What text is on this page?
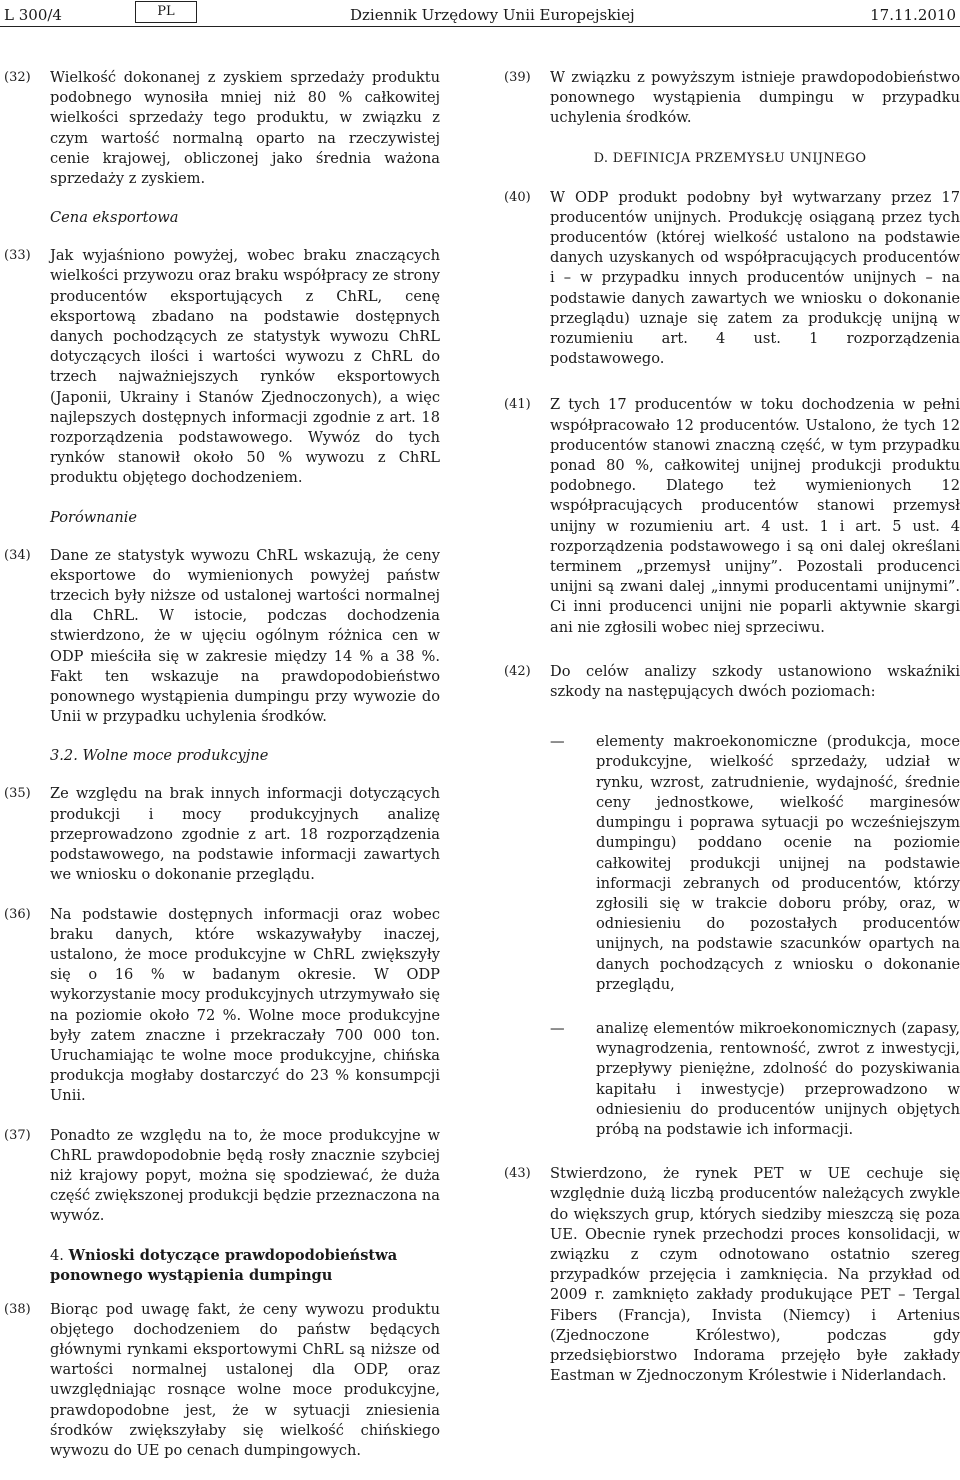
L 300/4	PL	Dziennik Urzędowy Unii Europejskiej	17.11.2010
(32) Wielkość dokonanej z zyskiem sprzedaży produktu podobnego wynosiła mniej niż 80 % całkowitej wielkości sprzedaży tego produktu, w związku z czym wartość normalną oparto na rzeczywistej cenie krajowej, obliczonej jako średnia ważona sprzedaży z zyskiem.
Cena eksportowa
(33) Jak wyjaśniono powyżej, wobec braku znaczących wielkości przywozu oraz braku współpracy ze strony producentów eksportujących z ChRL, cenę eksportową zbadano na podstawie dostępnych danych pochodzących ze statystyk wywozu ChRL dotyczących ilości i wartości wywozu z ChRL do trzech najważniejszych rynków eksportowych (Japonii, Ukrainy i Stanów Zjednoczonych), a więc najlepszych dostępnych informacji zgodnie z art. 18 rozporządzenia podstawowego. Wywóz do tych rynków stanowił około 50 % wywozu z ChRL produktu objętego dochodzeniem.
Porównanie
(34) Dane ze statystyk wywozu ChRL wskazują, że ceny eksportowe do wymienionych powyżej państw trzecich były niższe od ustalonej wartości normalnej dla ChRL. W istocie, podczas dochodzenia stwierdzono, że w ujęciu ogólnym różnica cen w ODP mieściła się w zakresie między 14 % a 38 %. Fakt ten wskazuje na prawdopodobieństwo ponownego wystąpienia dumpingu przy wywozie do Unii w przypadku uchylenia środków.
3.2. Wolne moce produkcyjne
(35) Ze względu na brak innych informacji dotyczących produkcji i mocy produkcyjnych analizę przeprowadzono zgodnie z art. 18 rozporządzenia podstawowego, na podstawie informacji zawartych we wniosku o dokonanie przeglądu.
(36) Na podstawie dostępnych informacji oraz wobec braku danych, które wskazywałyby inaczej, ustalono, że moce produkcyjne w ChRL zwiększyły się o 16 % w badanym okresie. W ODP wykorzystanie mocy produkcyjnych utrzymywało się na poziomie około 72 %. Wolne moce produkcyjne były zatem znaczne i przekraczały 700 000 ton. Uruchamiając te wolne moce produkcyjne, chińska produkcja mogłaby dostarczyć do 23 % konsumpcji Unii.
(37) Ponadto ze względu na to, że moce produkcyjne w ChRL prawdopodobnie będą rosły znacznie szybciej niż krajowy popyt, można się spodziewać, że duża część zwiększonej produkcji będzie przeznaczona na wywóz.
4. Wnioski dotyczące prawdopodobieństwa ponownego wystąpienia dumpingu
(38) Biorąc pod uwagę fakt, że ceny wywozu produktu objętego dochodzeniem do państw będących głównymi rynkami eksportowymi ChRL są niższe od wartości normalnej ustalonej dla ODP, oraz uwzględniając rosnące wolne moce produkcyjne, prawdopodobne jest, że w sytuacji zniesienia środków zwiększyłaby się wielkość chińskiego wywozu do UE po cenach dumpingowych.
(39) W związku z powyższym istnieje prawdopodobieństwo ponownego wystąpienia dumpingu w przypadku uchylenia środków.
D. DEFINICJA PRZEMYSŁU UNIJNEGO
(40) W ODP produkt podobny był wytwarzany przez 17 producentów unijnych. Produkcję osiąganą przez tych producentów (której wielkość ustalono na podstawie danych uzyskanych od współpracujących producentów i – w przypadku innych producentów unijnych – na podstawie danych zawartych we wniosku o dokonanie przeglądu) uznaje się zatem za produkcję unijną w rozumieniu art. 4 ust. 1 rozporządzenia podstawowego.
(41) Z tych 17 producentów w toku dochodzenia w pełni współpracowało 12 producentów. Ustalono, że tych 12 producentów stanowi znaczną część, w tym przypadku ponad 80 %, całkowitej unijnej produkcji produktu podobnego. Dlatego też wymienionych 12 współpracujących producentów stanowi przemysł unijny w rozumieniu art. 4 ust. 1 i art. 5 ust. 4 rozporządzenia podstawowego i są oni dalej określani terminem „przemysł unijny”. Pozostali producenci unijni są zwani dalej „innymi producentami unijnymi”. Ci inni producenci unijni nie poparli aktywnie skargi ani nie zgłosili wobec niej sprzeciwu.
(42) Do celów analizy szkody ustanowiono wskaźniki szkody na następujących dwóch poziomach:
— elementy makroekonomiczne (produkcja, moce produkcyjne, wielkość sprzedaży, udział w rynku, wzrost, zatrudnienie, wydajność, średnie ceny jednostkowe, wielkość marginesów dumpingu i poprawa sytuacji po wcześniejszym dumpingu) poddano ocenie na poziomie całkowitej produkcji unijnej na podstawie informacji zebranych od producentów, którzy zgłosili się w trakcie doboru próby, oraz, w odniesieniu do pozostałych producentów unijnych, na podstawie szacunków opartych na danych pochodzących z wniosku o dokonanie przeglądu,
— analizę elementów mikroekonomicznych (zapasy, wynagrodzenia, rentowność, zwrot z inwestycji, przepływy pieniężne, zdolność do pozyskiwania kapitału i inwestycje) przeprowadzono w odniesieniu do producentów unijnych objętych próbą na podstawie ich informacji.
(43) Stwierdzono, że rynek PET w UE cechuje się względnie dużą liczbą producentów należących zwykle do większych grup, których siedziby mieszczą się poza UE. Obecnie rynek przechodzi proces konsolidacji, w związku z czym odnotowano ostatnio szereg przypadków przejęcia i zamknięcia. Na przykład od 2009 r. zamknięto zakłady produkujące PET – Tergal Fibers (Francja), Invista (Niemcy) i Artenius (Zjednoczone Królestwo), podczas gdy przedsiębiorstwo Indorama przejęło byłe zakłady Eastman w Zjednoczonym Królestwie i Niderlandach.
